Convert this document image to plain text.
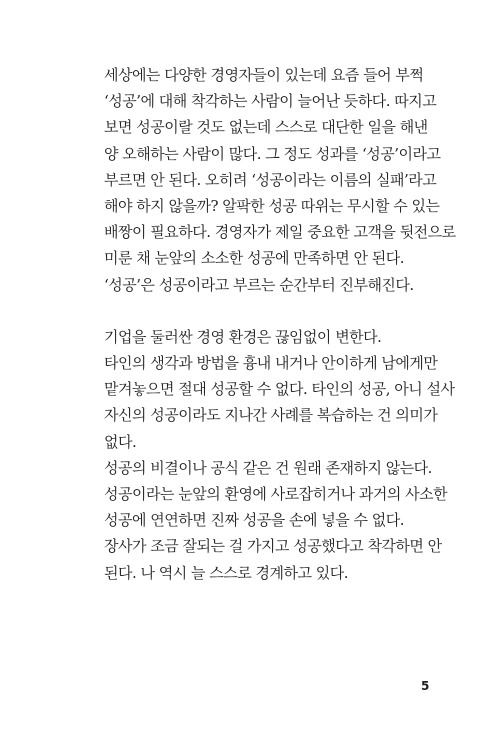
세상에는 다양한 경영자들이 있는데 요즘 들어 부쩍
‘성공’에 대해 착각하는 사람이 늘어난 듯하다. 따지고
보면 성공이랄 것도 없는데 스스로 대단한 일을 해낸
양 오해하는 사람이 많다. 그 정도 성과를 ‘성공’이라고
부르면 안 된다. 오히려 ‘성공이라는 이름의 실패’라고
해야 하지 않을까? 알팍한 성공 따위는 무시할 수 있는
배짱이 필요하다. 경영자가 제일 중요한 고객을 뒷전으로
미룬 채 눈앞의 소소한 성공에 만족하면 안 된다.
‘성공’은 성공이라고 부르는 순간부터 진부해진다.

기업을 둘러싼 경영 환경은 끊임없이 변한다.
타인의 생각과 방법을 흉내 내거나 안이하게 남에게만
맡겨놓으면 절대 성공할 수 없다. 타인의 성공, 아니 설사
자신의 성공이라도 지나간 사례를 복습하는 건 의미가
없다.
성공의 비결이나 공식 같은 건 원래 존재하지 않는다.
성공이라는 눈앞의 환영에 사로잡히거나 과거의 사소한
성공에 연연하면 진짜 성공을 손에 넣을 수 없다.
장사가 조금 잘되는 걸 가지고 성공했다고 착각하면 안
된다. 나 역시 늘 스스로 경계하고 있다.

5
